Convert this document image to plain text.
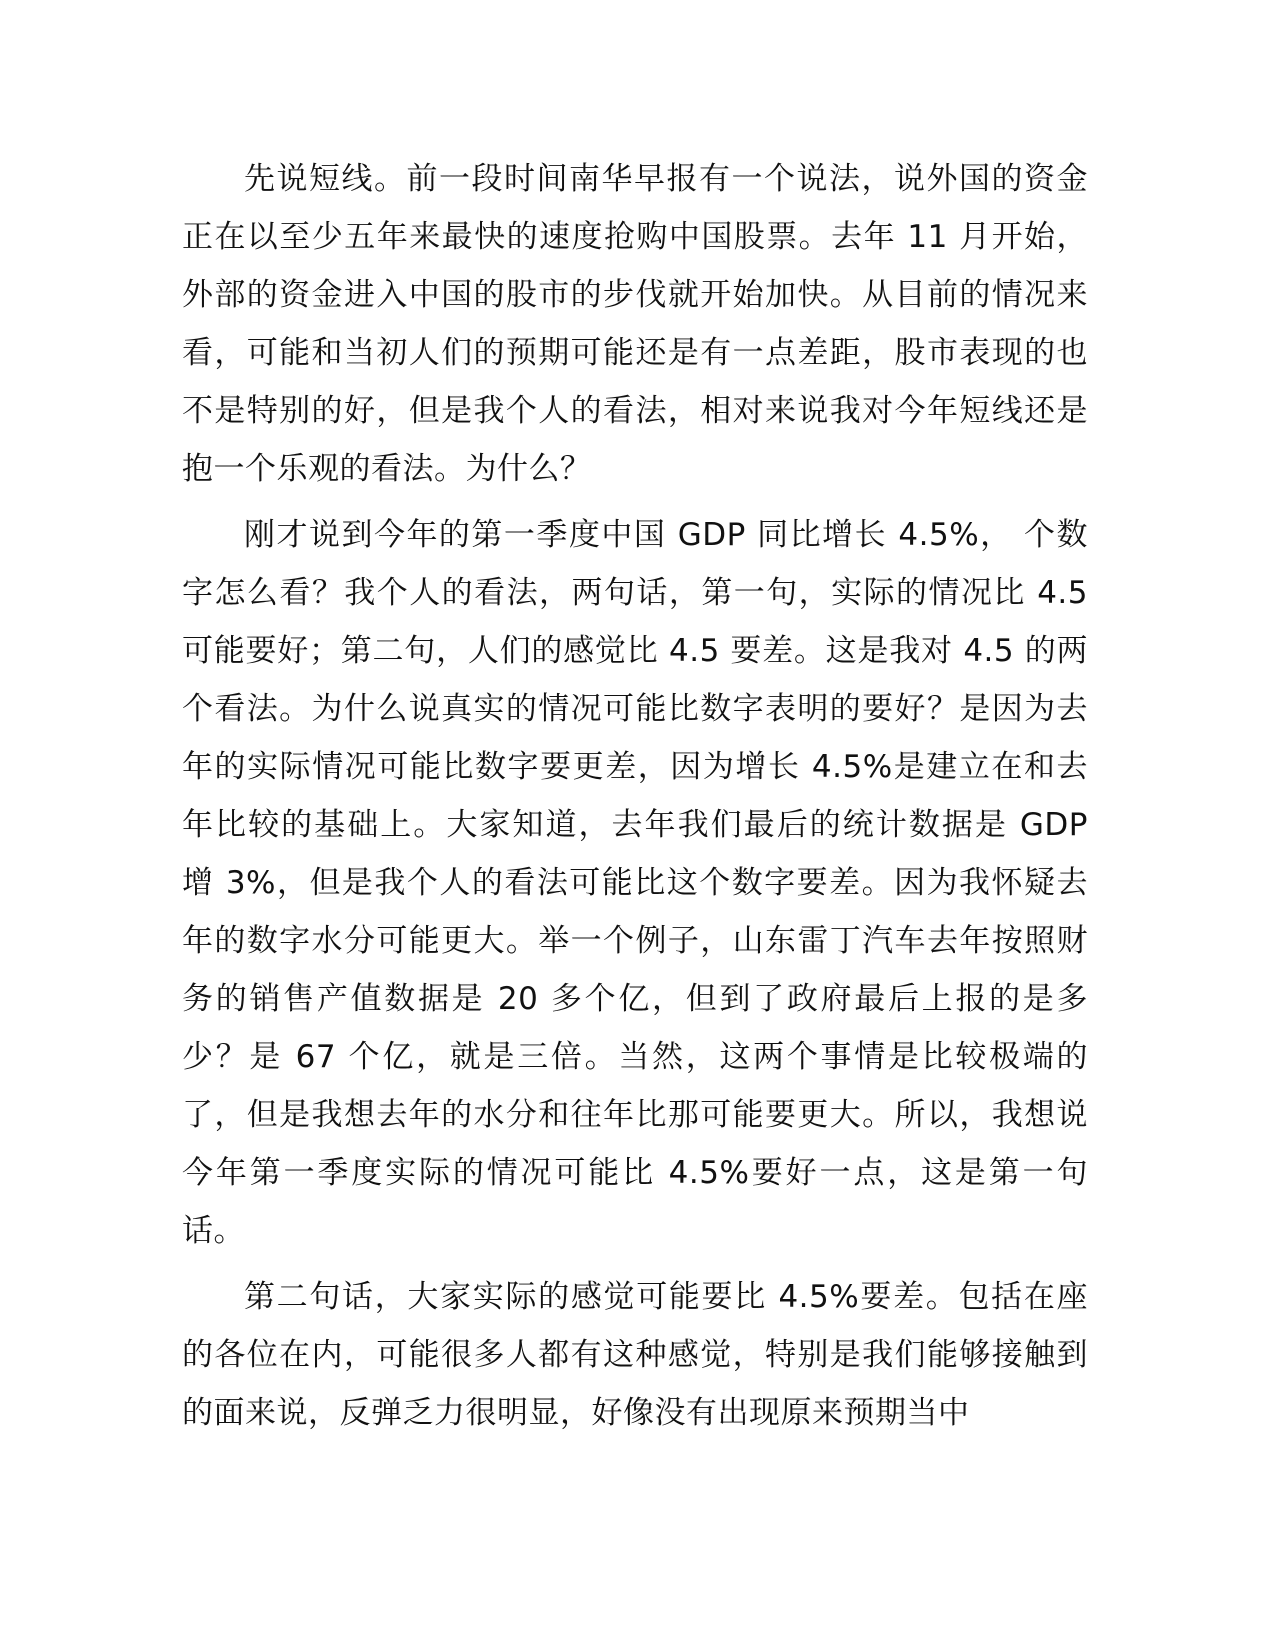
先说短线。前一段时间南华早报有一个说法，说外国的资金正在以至少五年来最快的速度抢购中国股票。去年 11 月开始，外部的资金进入中国的股市的步伐就开始加快。从目前的情况来看，可能和当初人们的预期可能还是有一点差距，股市表现的也不是特别的好，但是我个人的看法，相对来说我对今年短线还是抱一个乐观的看法。为什么？

刚才说到今年的第一季度中国 GDP 同比增长 4.5%， 个数字怎么看？我个人的看法，两句话，第一句，实际的情况比 4.5 可能要好；第二句，人们的感觉比 4.5 要差。这是我对 4.5 的两个看法。为什么说真实的情况可能比数字表明的要好？是因为去年的实际情况可能比数字要更差，因为增长 4.5%是建立在和去年比较的基础上。大家知道，去年我们最后的统计数据是 GDP 增 3%，但是我个人的看法可能比这个数字要差。因为我怀疑去年的数字水分可能更大。举一个例子，山东雷丁汽车去年按照财务的销售产值数据是 20 多个亿，但到了政府最后上报的是多少？是 67 个亿，就是三倍。当然，这两个事情是比较极端的了，但是我想去年的水分和往年比那可能要更大。所以，我想说今年第一季度实际的情况可能比 4.5%要好一点，这是第一句话。

第二句话，大家实际的感觉可能要比 4.5%要差。包括在座的各位在内，可能很多人都有这种感觉，特别是我们能够接触到的面来说，反弹乏力很明显，好像没有出现原来预期当中
